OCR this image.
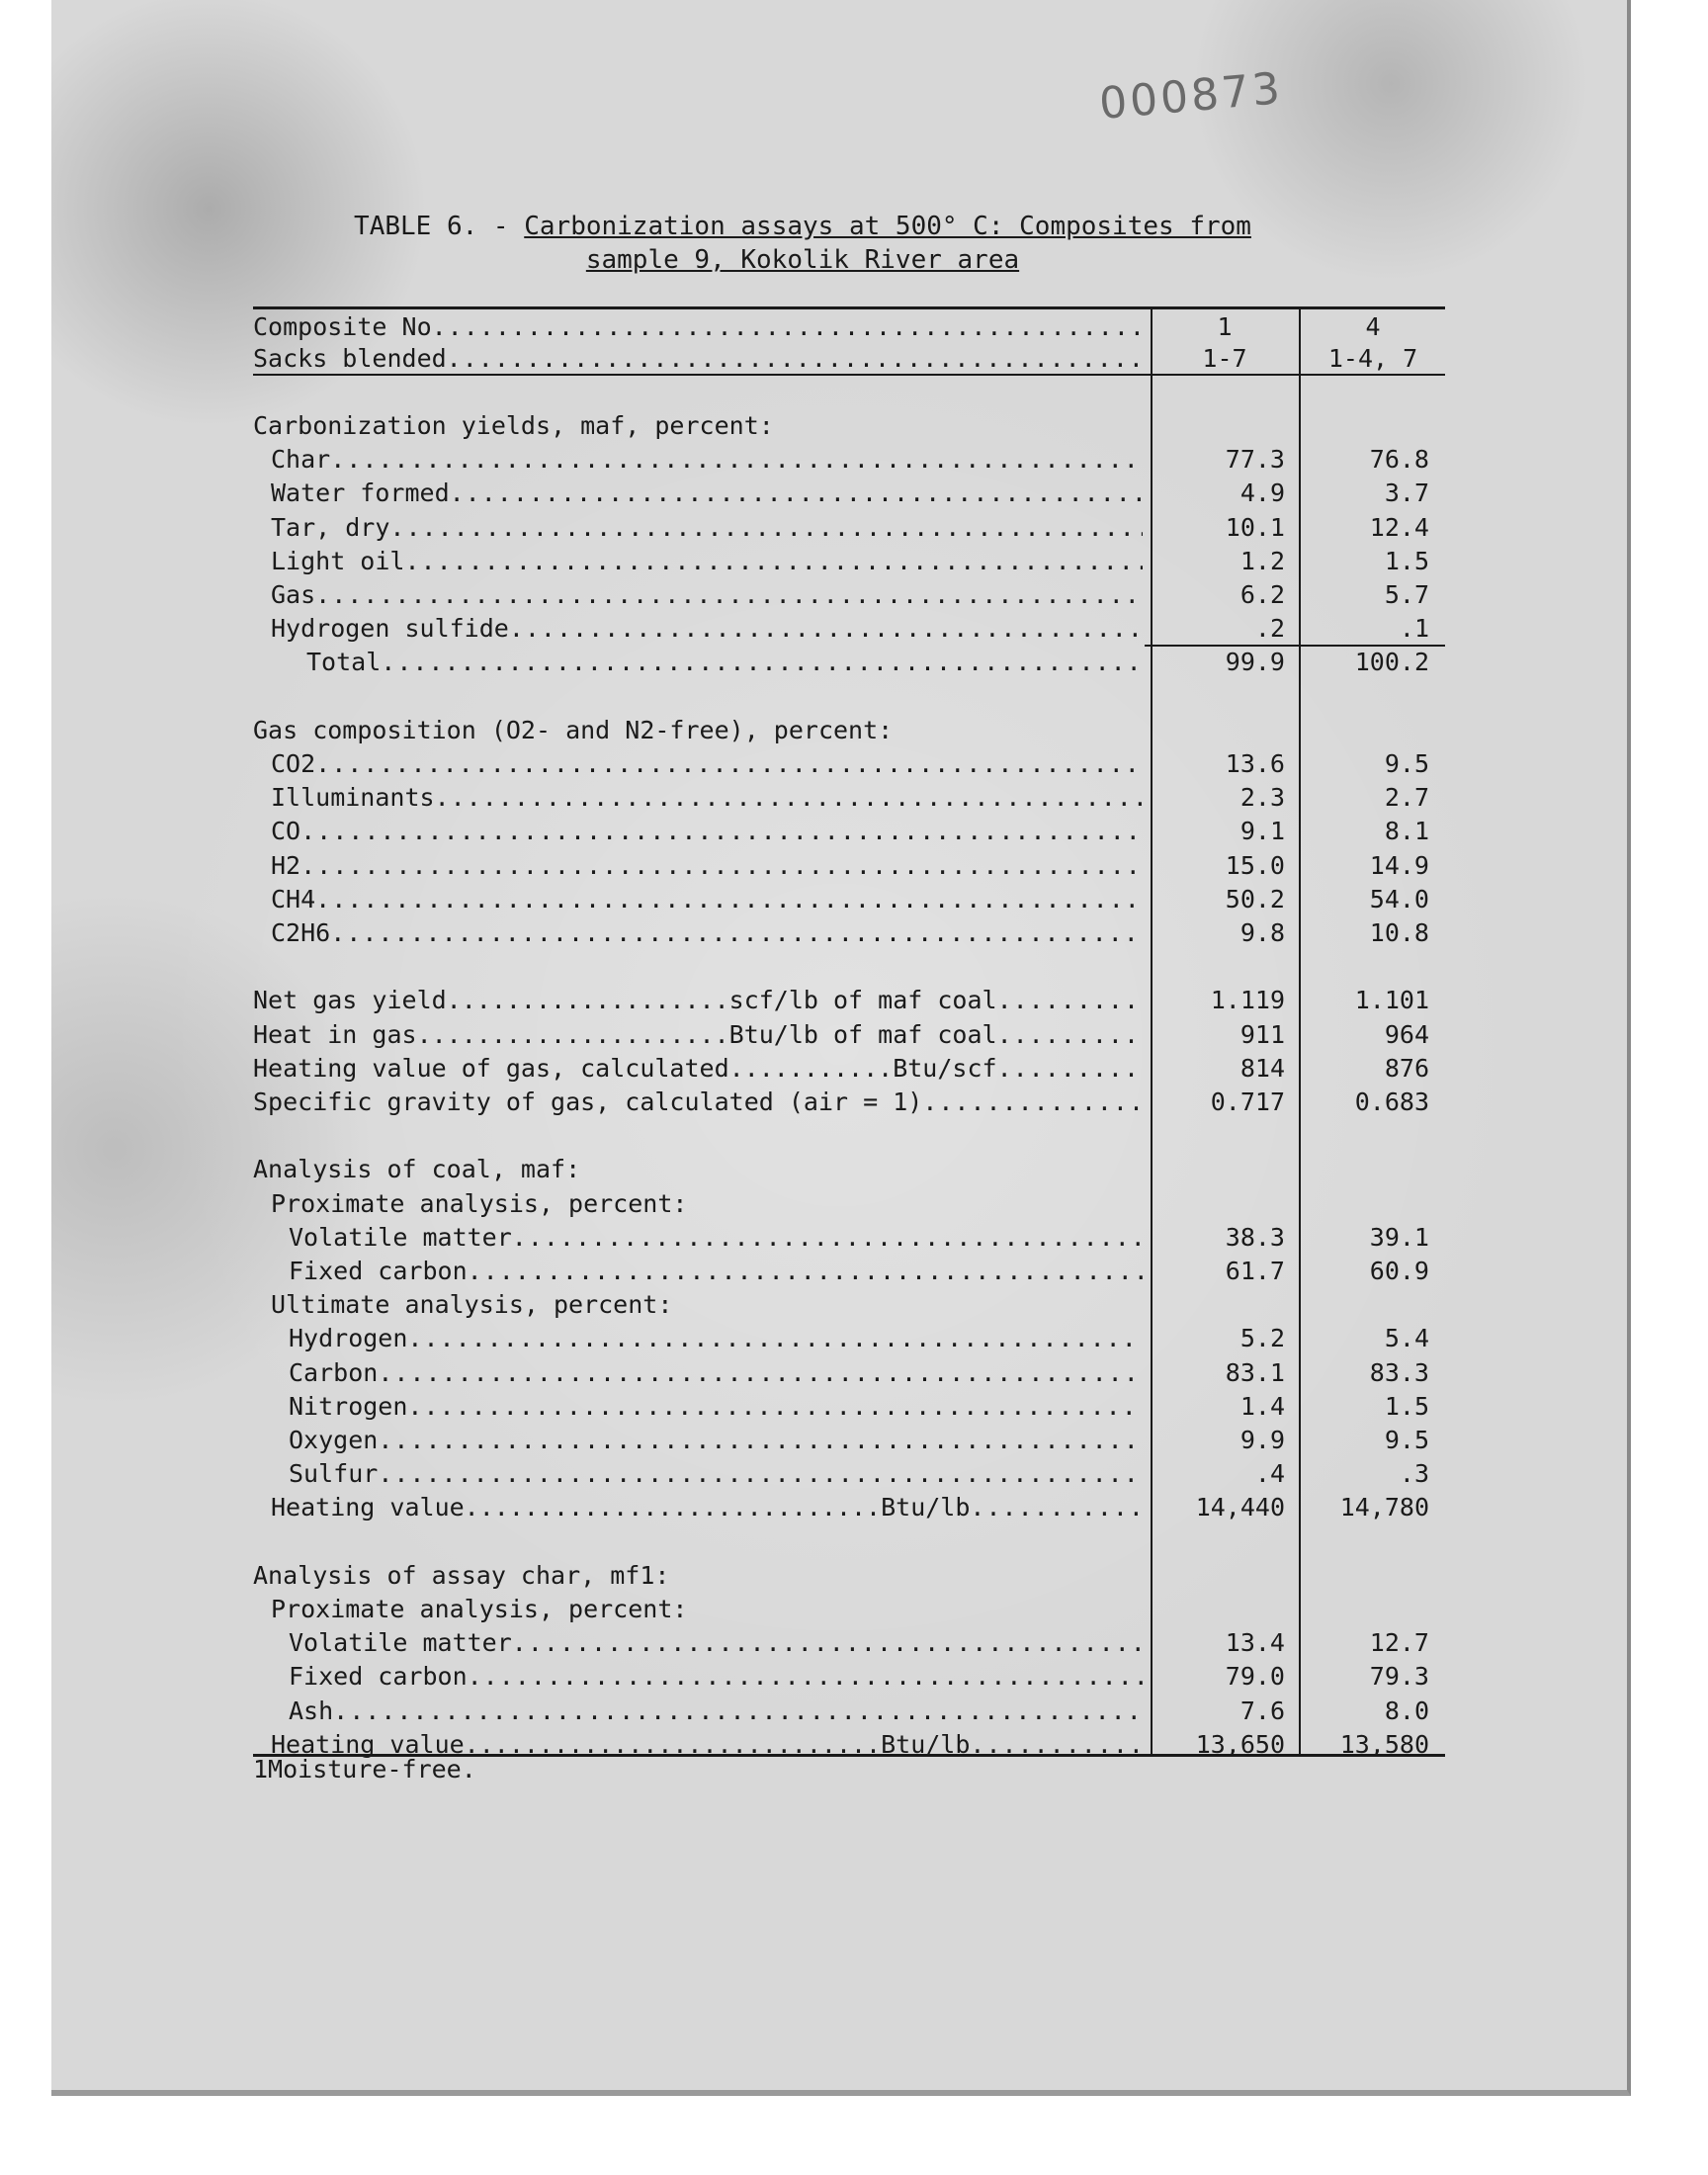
000873
TABLE 6. - Carbonization assays at 500° C: Composites from
sample 9, Kokolik River area
Composite No .....	1	4
Sacks blended .....	1-7	1-4, 7
Carbonization yields, maf, percent:
Char .....	77.3	76.8
Water formed .....	4.9	3.7
Tar, dry .....	10.1	12.4
Light oil .....	1.2	1.5
Gas .....	6.2	5.7
Hydrogen sulfide .....	.2	.1
Total .....	99.9	100.2
Gas composition (O2- and N2-free), percent:
CO2 .....	13.6	9.5
Illuminants .....	2.3	2.7
CO .....	9.1	8.1
H2 .....	15.0	14.9
CH4 .....	50.2	54.0
C2H6 .....	9.8	10.8
Net gas yield...................scf/lb of maf coal .....	1.119	1.101
Heat in gas.....................Btu/lb of maf coal .....	911	964
Heating value of gas, calculated...........Btu/scf .....	814	876
Specific gravity of gas, calculated (air = 1) .....	0.717	0.683
Analysis of coal, maf:
Proximate analysis, percent:
Volatile matter .....	38.3	39.1
Fixed carbon .....	61.7	60.9
Ultimate analysis, percent:
Hydrogen .....	5.2	5.4
Carbon .....	83.1	83.3
Nitrogen .....	1.4	1.5
Oxygen .....	9.9	9.5
Sulfur .....	.4	.3
Heating value............................Btu/lb .....	14,440	14,780
Analysis of assay char, mf1:
Proximate analysis, percent:
Volatile matter .....	13.4	12.7
Fixed carbon .....	79.0	79.3
Ash .....	7.6	8.0
Heating value............................Btu/lb .....	13,650	13,580
1Moisture-free.
